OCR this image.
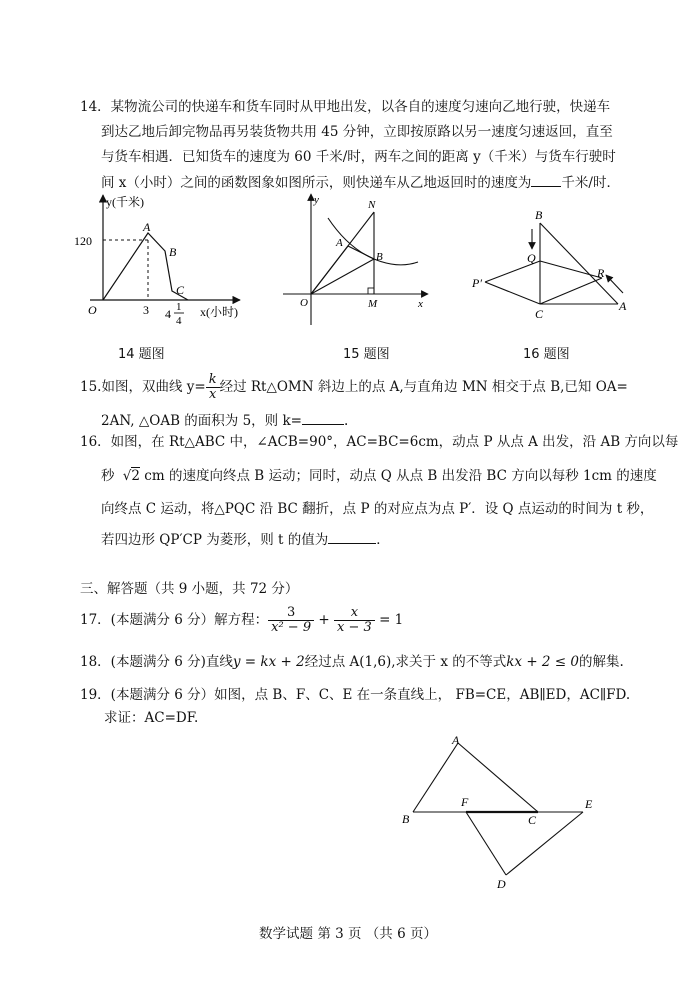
14．某物流公司的快递车和货车同时从甲地出发，以各自的速度匀速向乙地行驶，快递车
到达乙地后卸完物品再另装货物共用 45 分钟，立即按原路以另一速度匀速返回，直至
与货车相遇．已知货车的速度为 60 千米/时，两车之间的距离 y（千米）与货车行驶时
间 x（小时）之间的函数图象如图所示，则快递车从乙地返回时的速度为 千米/时．
y(千米)
120
O
A
B
C
3 4 1
4
x(小时)
14 题图
y	N
A
B
O	M	x
15 题图
B
Q
P′
R
C
A
16 题图
15.如图，双曲线 $y= \frac{k}{x}$ 经过 Rt△OMN 斜边上的点 A,与直角边 MN 相交于点 B,已知 OA=
2AN, △OAB 的面积为 5，则 k=	.
16．如图，在 Rt△ABC 中，∠ACB=90°，AC=BC=6cm，动点 P 从点 A 出发，沿 AB 方向以每
秒 √2 cm 的速度向终点 B 运动；同时，动点 Q 从点 B 出发沿 BC 方向以每秒 1cm 的速度
向终点 C 运动，将△PQC 沿 BC 翻折，点 P 的对应点为点 P′．设 Q 点运动的时间为 t 秒，
若四边形 QP′CP 为菱形，则 t 的值为	．
三、解答题（共 9 小题，共 72 分）
17．(本题满分 6 分）解方程： $\frac{3}{\text{x² − 9}} + \frac{x}{x - 3} = 1$
18．(本题满分 6 分)直线y = kx + 2经过点 A(1,6),求关于 x 的不等式kx + 2 ≤ 0的解集.
19．(本题满分 6 分）如图，点 B、F、C、E 在一条直线上， FB=CE，AB∥ED，AC∥FD.
求证：AC=DF.
A
B
F
C
E
D
数学试题 第 3 页 （共 6 页）
